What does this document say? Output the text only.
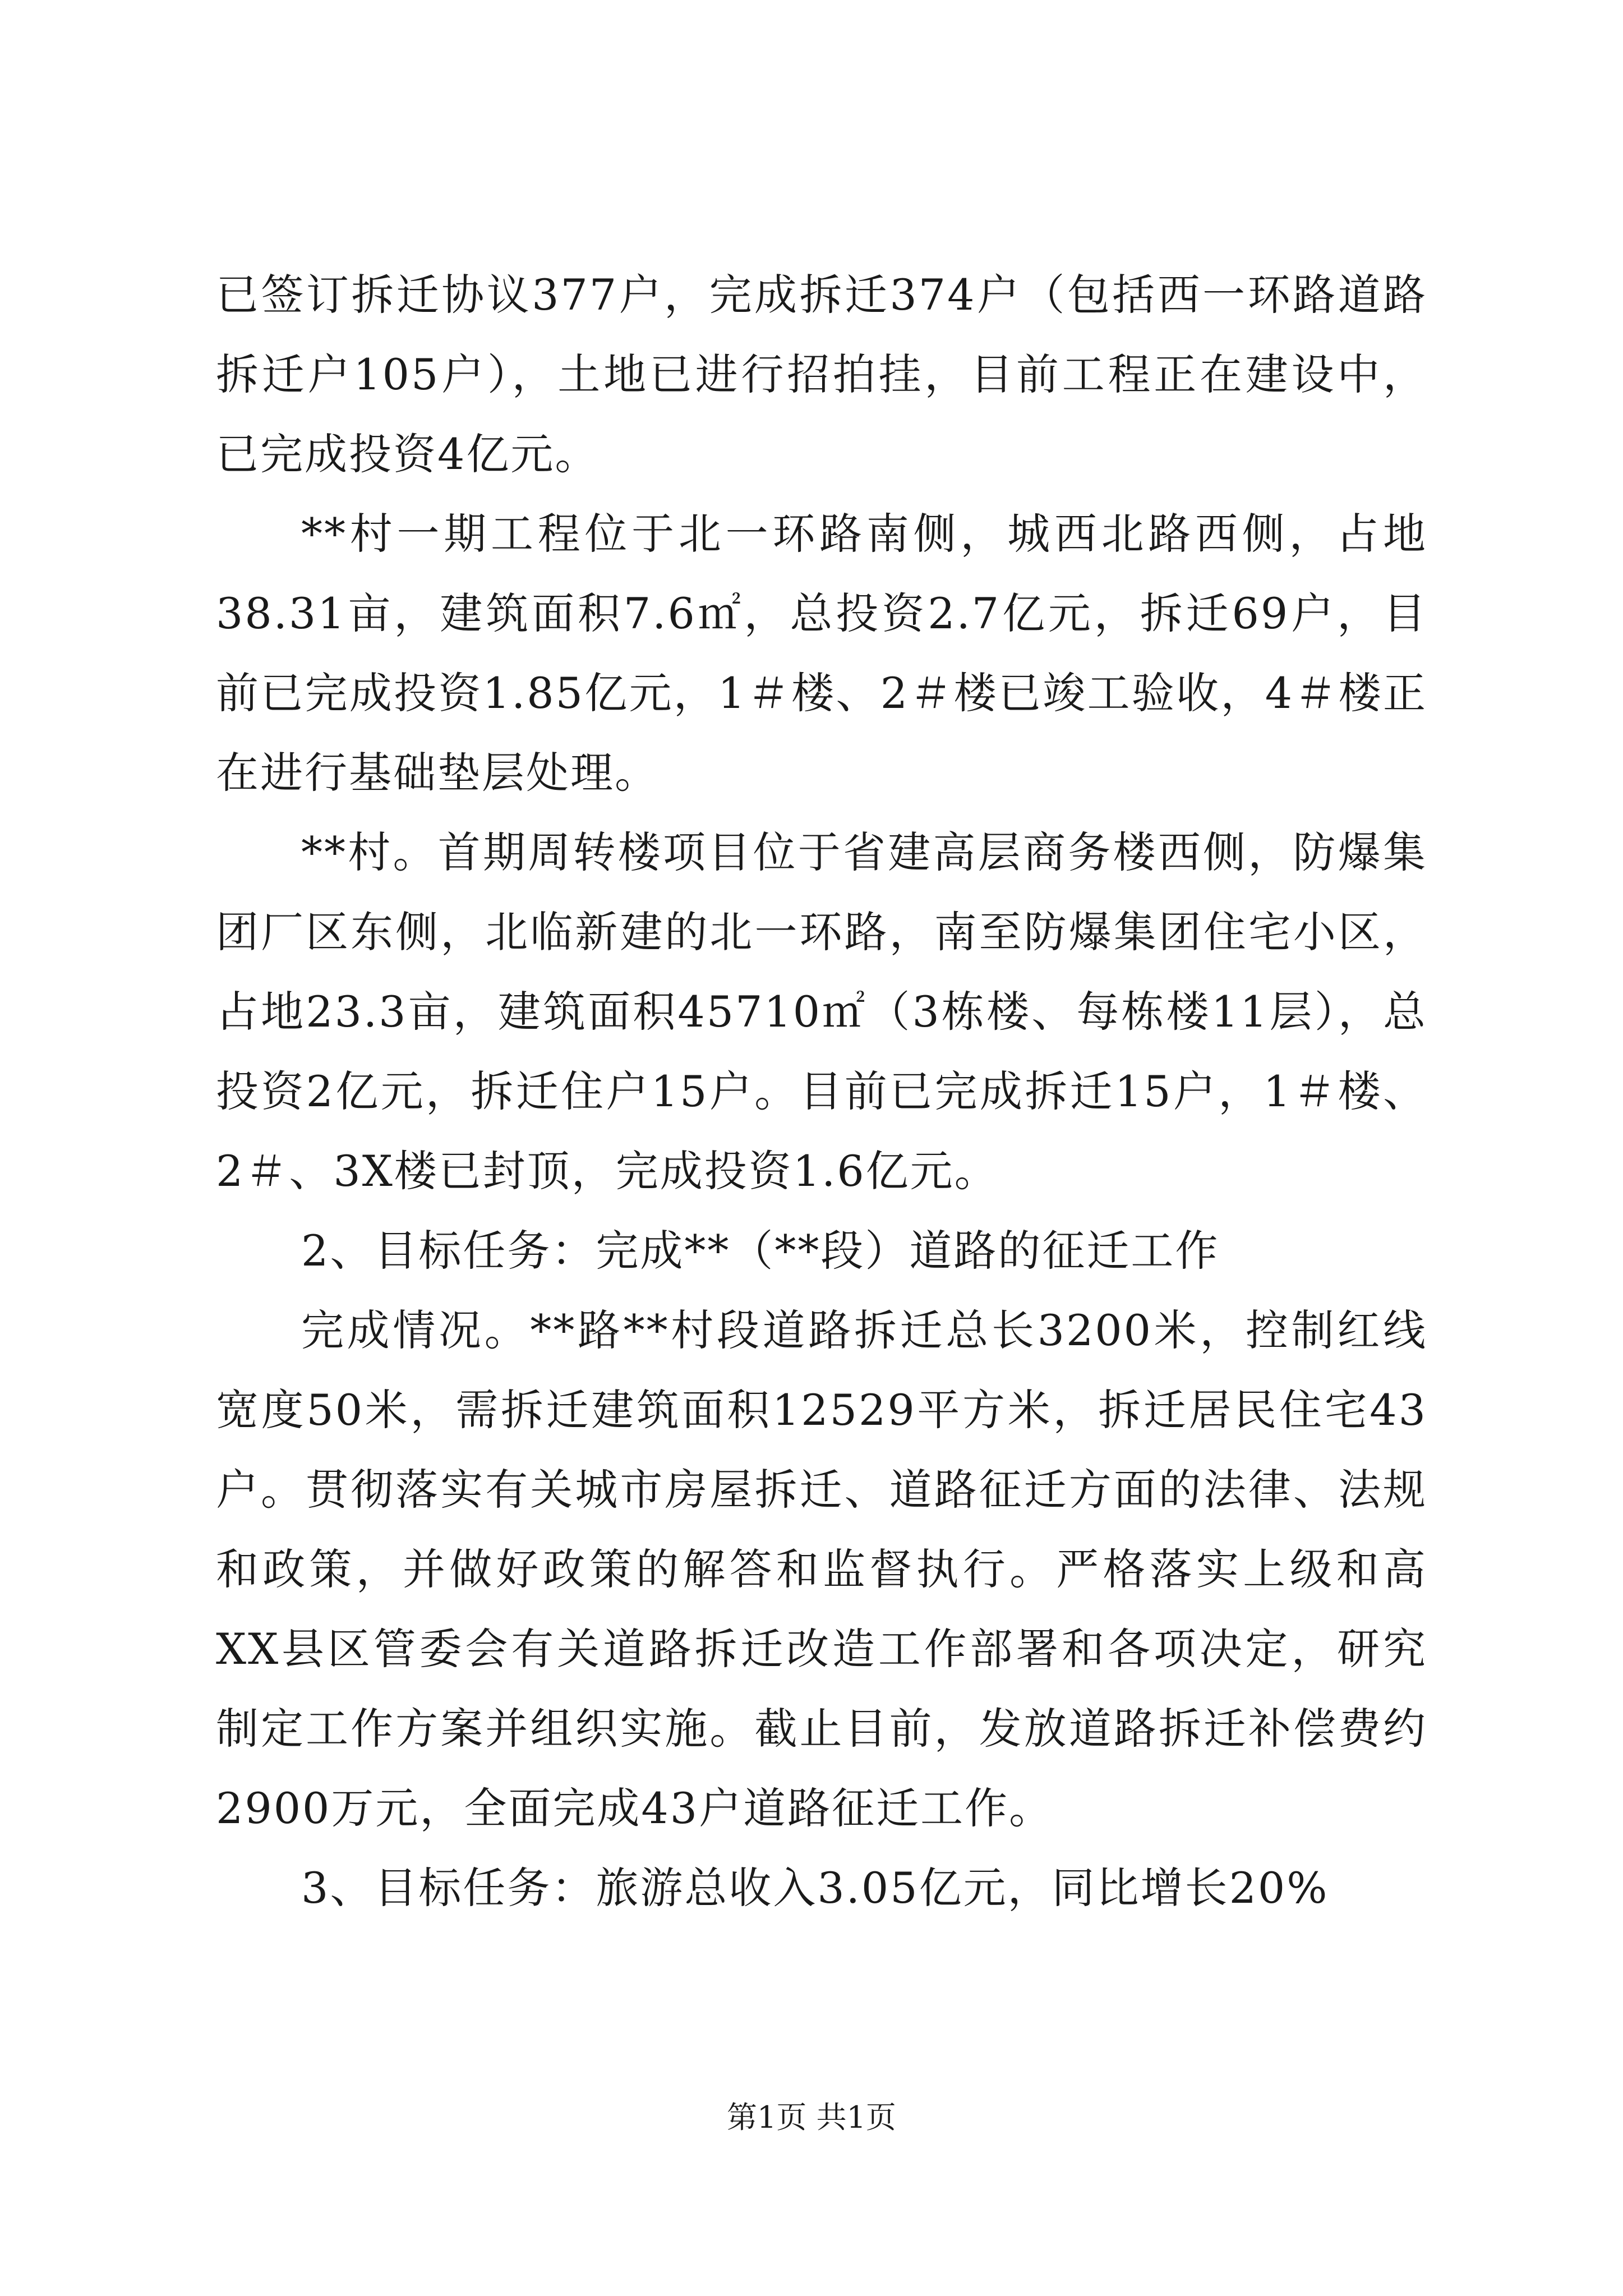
已签订拆迁协议377户，完成拆迁374户（包括西一环路道路拆迁户105户），土地已进行招拍挂，目前工程正在建设中，已完成投资4亿元。

**村一期工程位于北一环路南侧，城西北路西侧，占地38.31亩，建筑面积7.6㎡，总投资2.7亿元，拆迁69户，目前已完成投资1.85亿元，1＃楼、2＃楼已竣工验收，4＃楼正在进行基础垫层处理。

**村。首期周转楼项目位于省建高层商务楼西侧，防爆集团厂区东侧，北临新建的北一环路，南至防爆集团住宅小区，占地23.3亩，建筑面积45710㎡（3栋楼、每栋楼11层），总投资2亿元，拆迁住户15户。目前已完成拆迁15户，1＃楼、2＃、3X楼已封顶，完成投资1.6亿元。

2、目标任务：完成**（**段）道路的征迁工作

完成情况。**路**村段道路拆迁总长3200米，控制红线宽度50米，需拆迁建筑面积12529平方米，拆迁居民住宅43户。贯彻落实有关城市房屋拆迁、道路征迁方面的法律、法规和政策，并做好政策的解答和监督执行。严格落实上级和高XX县区管委会有关道路拆迁改造工作部署和各项决定，研究制定工作方案并组织实施。截止目前，发放道路拆迁补偿费约2900万元，全面完成43户道路征迁工作。

3、目标任务：旅游总收入3.05亿元，同比增长20%

第1页 共1页
